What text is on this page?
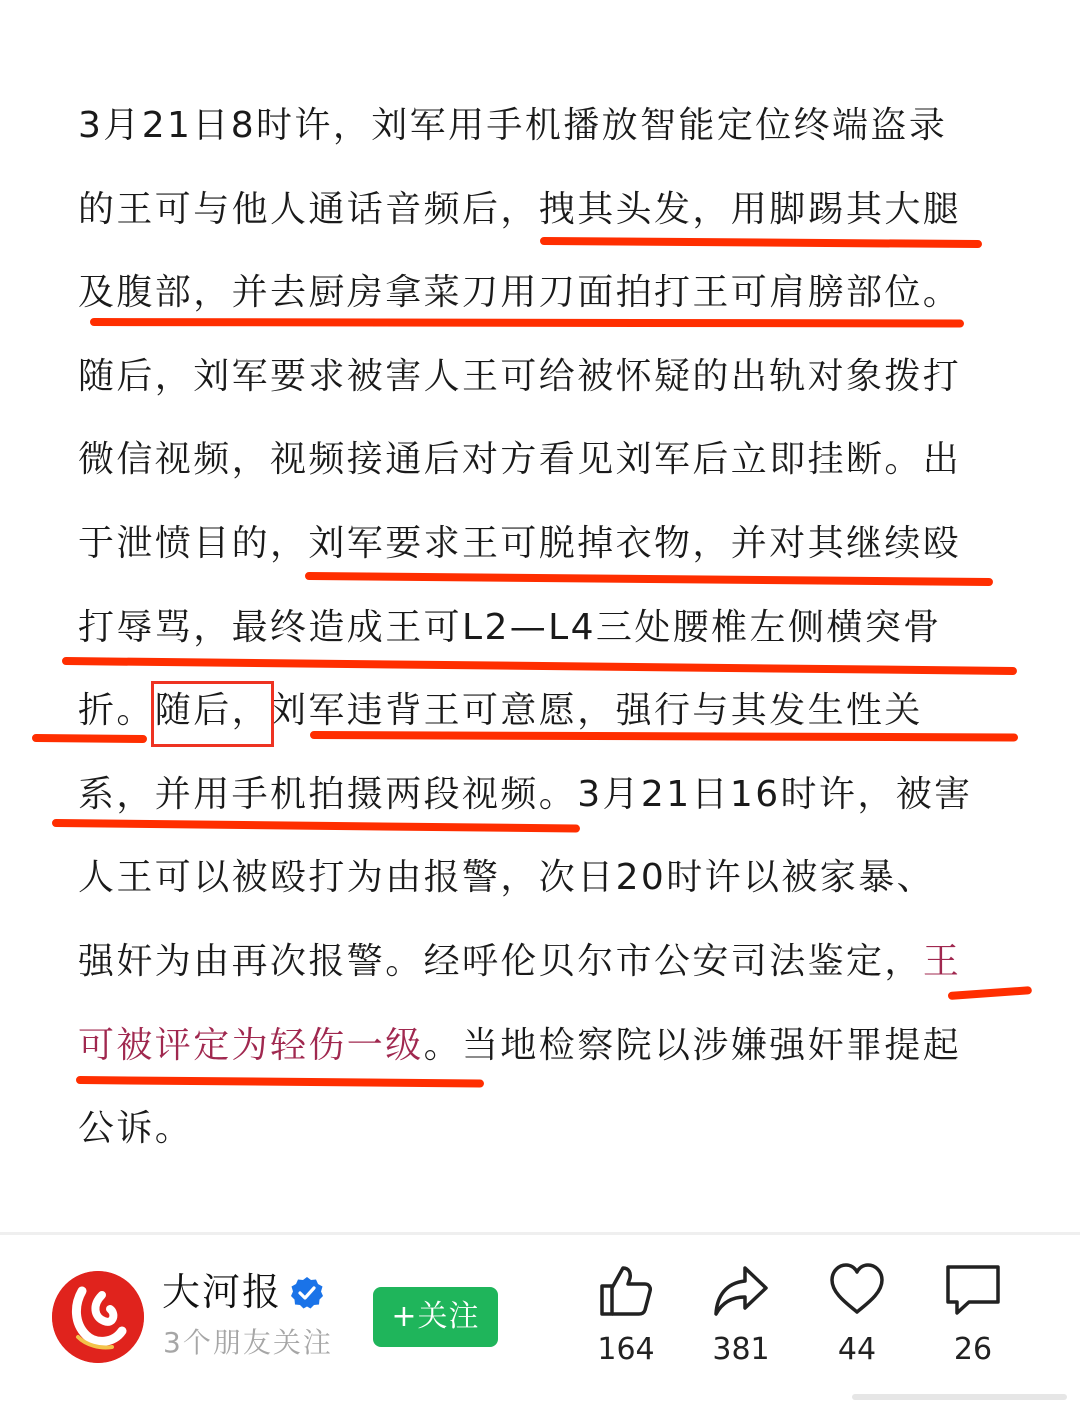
3月21日8时许，刘军用手机播放智能定位终端盗录
的王可与他人通话音频后，拽其头发，用脚踢其大腿
及腹部，并去厨房拿菜刀用刀面拍打王可肩膀部位。
随后，刘军要求被害人王可给被怀疑的出轨对象拨打
微信视频，视频接通后对方看见刘军后立即挂断。出
于泄愤目的，刘军要求王可脱掉衣物，并对其继续殴
打辱骂，最终造成王可L2—L4三处腰椎左侧横突骨
折。随后，刘军违背王可意愿，强行与其发生性关
系，并用手机拍摄两段视频。3月21日16时许，被害
人王可以被殴打为由报警，次日20时许以被家暴、
强奸为由再次报警。经呼伦贝尔市公安司法鉴定，王
可被评定为轻伤一级。当地检察院以涉嫌强奸罪提起
公诉。
大河报
3个朋友关注
+关注
164	381	44	26
